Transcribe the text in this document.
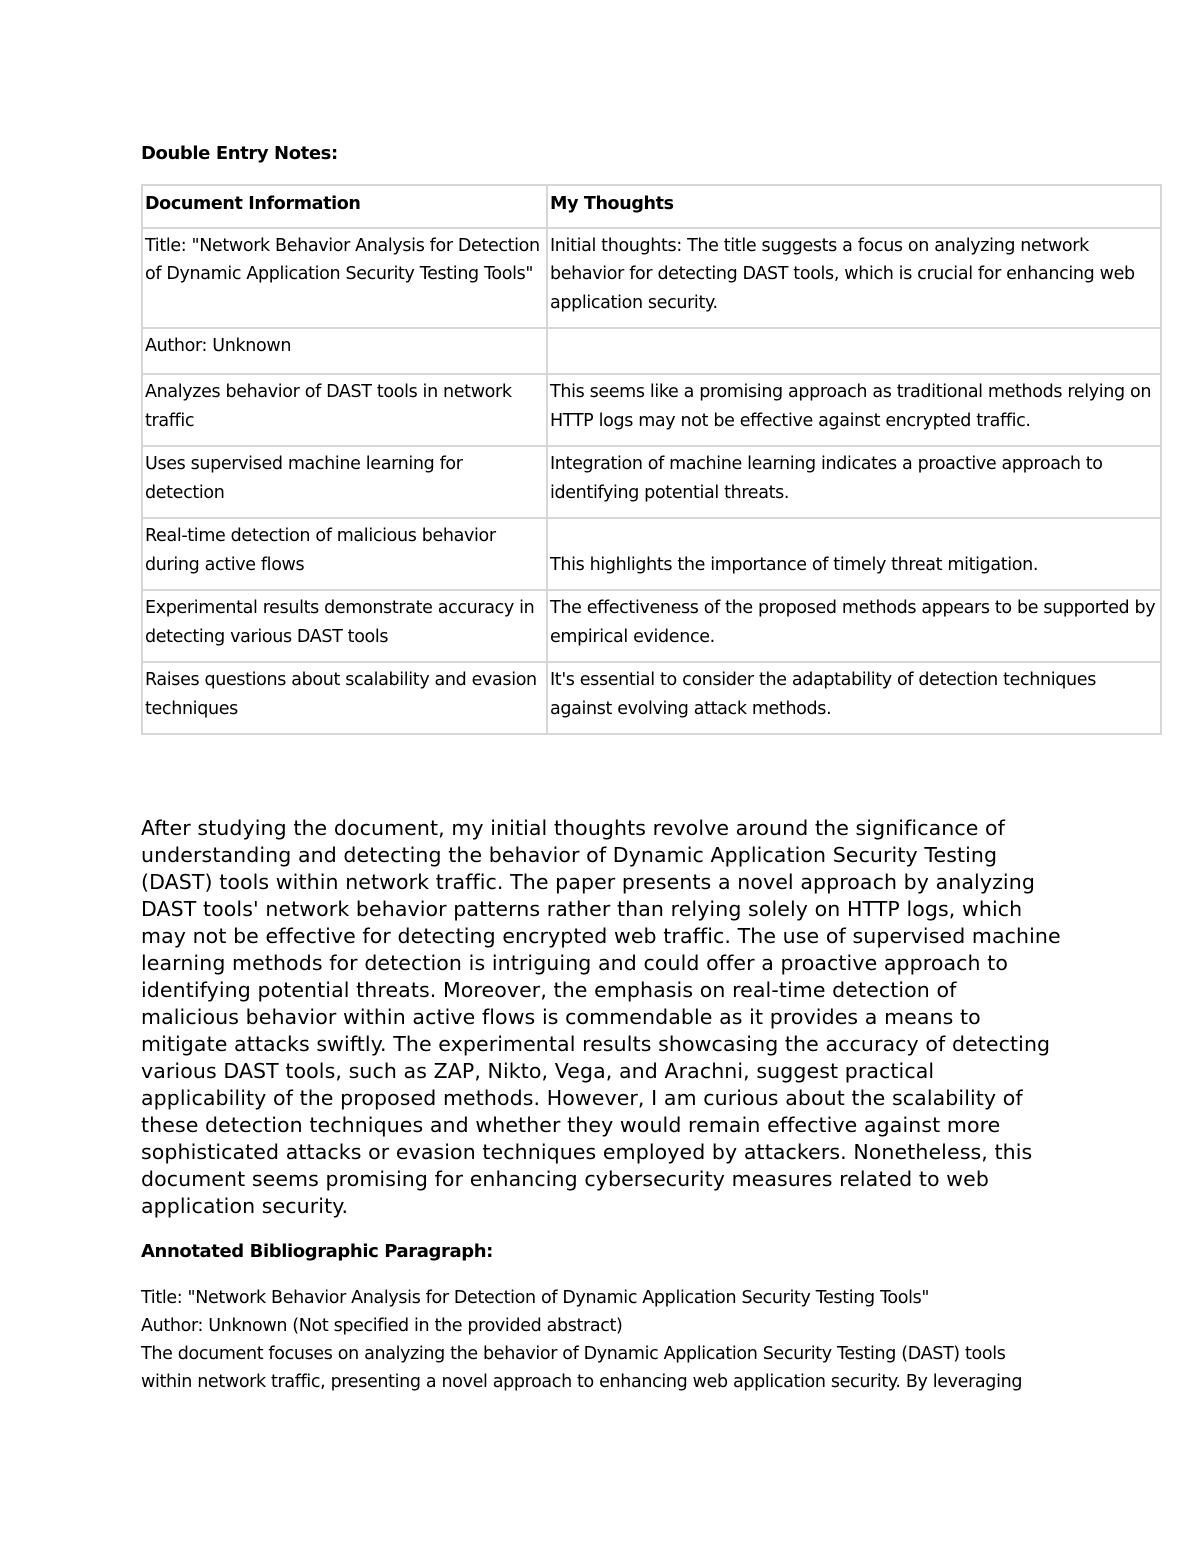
Double Entry Notes:
Document Information	My Thoughts
Title: "Network Behavior Analysis for Detection of Dynamic Application Security Testing Tools"	Initial thoughts: The title suggests a focus on analyzing network behavior for detecting DAST tools, which is crucial for enhancing web application security.
Author: Unknown	
Analyzes behavior of DAST tools in network traffic	This seems like a promising approach as traditional methods relying on HTTP logs may not be effective against encrypted traffic.
Uses supervised machine learning for detection	Integration of machine learning indicates a proactive approach to identifying potential threats.
Real-time detection of malicious behavior during active flows	This highlights the importance of timely threat mitigation.
Experimental results demonstrate accuracy in detecting various DAST tools	The effectiveness of the proposed methods appears to be supported by empirical evidence.
Raises questions about scalability and evasion techniques	It's essential to consider the adaptability of detection techniques against evolving attack methods.
After studying the document, my initial thoughts revolve around the significance of understanding and detecting the behavior of Dynamic Application Security Testing (DAST) tools within network traffic. The paper presents a novel approach by analyzing DAST tools' network behavior patterns rather than relying solely on HTTP logs, which may not be effective for detecting encrypted web traffic. The use of supervised machine learning methods for detection is intriguing and could offer a proactive approach to identifying potential threats. Moreover, the emphasis on real-time detection of malicious behavior within active flows is commendable as it provides a means to mitigate attacks swiftly. The experimental results showcasing the accuracy of detecting various DAST tools, such as ZAP, Nikto, Vega, and Arachni, suggest practical applicability of the proposed methods. However, I am curious about the scalability of these detection techniques and whether they would remain effective against more sophisticated attacks or evasion techniques employed by attackers. Nonetheless, this document seems promising for enhancing cybersecurity measures related to web application security.
Annotated Bibliographic Paragraph:
Title: "Network Behavior Analysis for Detection of Dynamic Application Security Testing Tools"
Author: Unknown (Not specified in the provided abstract)
The document focuses on analyzing the behavior of Dynamic Application Security Testing (DAST) tools
within network traffic, presenting a novel approach to enhancing web application security. By leveraging
